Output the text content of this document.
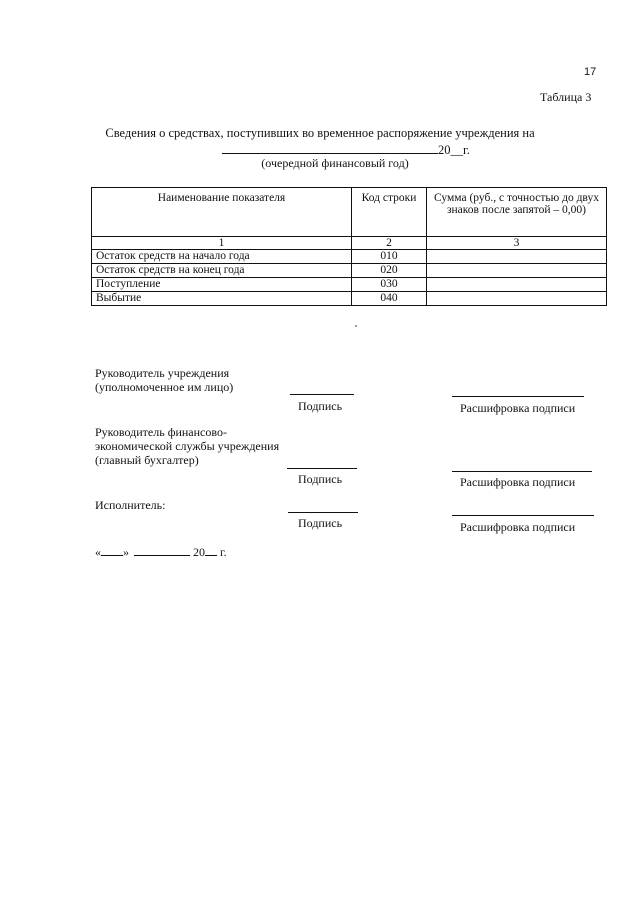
17
Таблица 3
Сведения о средствах, поступивших во временное распоряжение учреждения на
20__г.
(очередной финансовый год)
Наименование показателя	Код строки	Сумма (руб., с точностью до двух знаков после запятой – 0,00)
1	2	3
Остаток средств на начало года	010	
Остаток средств на конец года	020	
Поступление	030	
Выбытие	040	
Руководитель учреждения
(уполномоченное им лицо)
Подпись	Расшифровка подписи
Руководитель финансово-
экономической службы учреждения
(главный бухгалтер)
Подпись	Расшифровка подписи
Исполнитель:
Подпись	Расшифровка подписи
« »	20 г.
